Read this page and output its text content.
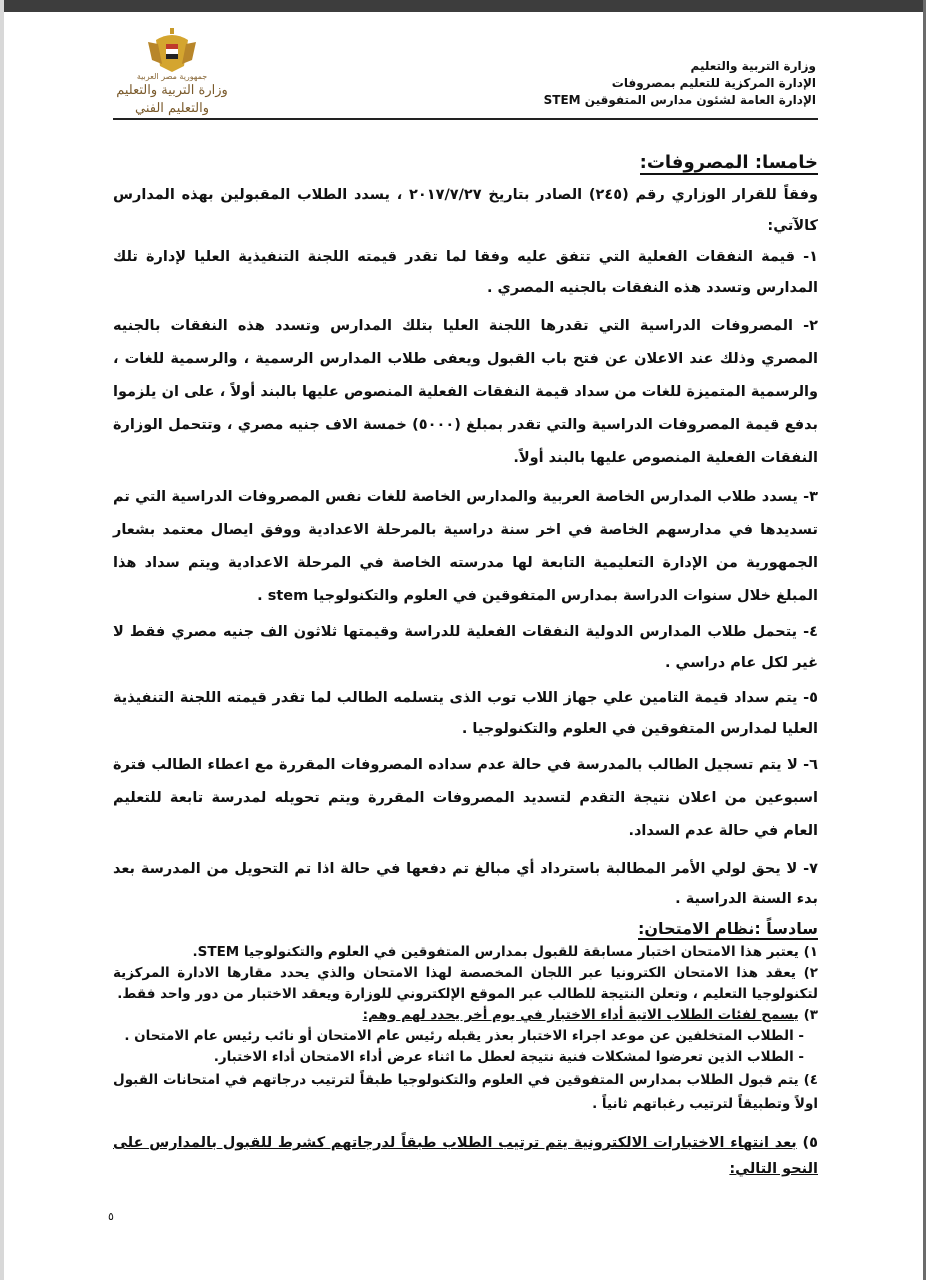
جمهورية مصر العربية
وزارة التربية والتعليم
والتعليم الفني
وزارة التربية والتعليم
الإدارة المركزية للتعليم بمصروفات
الإدارة العامة لشئون مدارس المتفوقين STEM

خامسا: المصروفات:

وفقاً للقرار الوزاري رقم (٢٤٥) الصادر بتاريخ ٢٠١٧/٧/٢٧ ، يسدد الطلاب المقبولين بهذه المدارس كالآتي:

١- قيمة النفقات الفعلية التي تتفق عليه وفقا لما تقدر قيمته اللجنة التنفيذية العليا لإدارة تلك المدارس وتسدد هذه النفقات بالجنيه المصري .

٢- المصروفات الدراسية التي تقدرها اللجنة العليا بتلك المدارس وتسدد هذه النفقات بالجنيه المصري وذلك عند الاعلان عن فتح باب القبول ويعفى طلاب المدارس الرسمية ، والرسمية للغات ، والرسمية المتميزة للغات من سداد قيمة النفقات الفعلية المنصوص عليها بالبند أولاً ، على ان يلزموا بدفع قيمة المصروفات الدراسية والتي تقدر بمبلغ (٥٠٠٠) خمسة الاف جنيه مصري ، وتتحمل الوزارة النفقات الفعلية المنصوص عليها بالبند أولاً.

٣- يسدد طلاب المدارس الخاصة العربية والمدارس الخاصة للغات نفس المصروفات الدراسية التي تم تسديدها في مدارسهم الخاصة في اخر سنة دراسية بالمرحلة الاعدادية ووفق ايصال معتمد بشعار الجمهورية من الإدارة التعليمية التابعة لها مدرسته الخاصة في المرحلة الاعدادية ويتم سداد هذا المبلغ خلال سنوات الدراسة بمدارس المتفوقين في العلوم والتكنولوجيا stem .

٤- يتحمل طلاب المدارس الدولية النفقات الفعلية للدراسة وقيمتها ثلاثون الف جنيه مصري فقط لا غير لكل عام دراسي .

٥- يتم سداد قيمة التامين علي جهاز اللاب توب الذى يتسلمه الطالب لما تقدر قيمته اللجنة التنفيذية العليا لمدارس المتفوقين في العلوم والتكنولوجيا .

٦- لا يتم تسجيل الطالب بالمدرسة في حالة عدم سداده المصروفات المقررة مع اعطاء الطالب فترة اسبوعين من اعلان نتيجة التقدم لتسديد المصروفات المقررة ويتم تحويله لمدرسة تابعة للتعليم العام في حالة عدم السداد.

٧- لا يحق لولي الأمر المطالبة باسترداد أي مبالغ تم دفعها في حالة اذا تم التحويل من المدرسة بعد بدء السنة الدراسية .

سادساً :نظام الامتحان:

١) يعتبر هذا الامتحان اختبار مسابقة للقبول بمدارس المتفوقين في العلوم والتكنولوجيا STEM.

٢) يعقد هذا الامتحان الكترونيا عبر اللجان المخصصة لهذا الامتحان والذي يحدد مقارها الادارة المركزية لتكنولوجيا التعليم ، وتعلن النتيجة للطالب عبر الموقع الإلكتروني للوزارة ويعقد الاختبار من دور واحد فقط.

٣) يسمح لفئات الطلاب الاتية أداء الاختبار في يوم أخر يحدد لهم وهم:

- الطلاب المتخلفين عن موعد اجراء الاختبار بعذر يقبله رئيس عام الامتحان أو نائب رئيس عام الامتحان .

- الطلاب الذين تعرضوا لمشكلات فنية نتيجة لعطل ما اثناء عرض أداء الامتحان أداء الاختبار.

٤) يتم قبول الطلاب بمدارس المتفوقين في العلوم والتكنولوجيا طبقاً لترتيب درجاتهم في امتحانات القبول اولاً وتطبيقاً لترتيب رغباتهم ثانياً .

٥) بعد انتهاء الاختبارات الالكترونية يتم ترتيب الطلاب طبقاً لدرجاتهم كشرط للقبول بالمدارس على النحو التالي:

٥
